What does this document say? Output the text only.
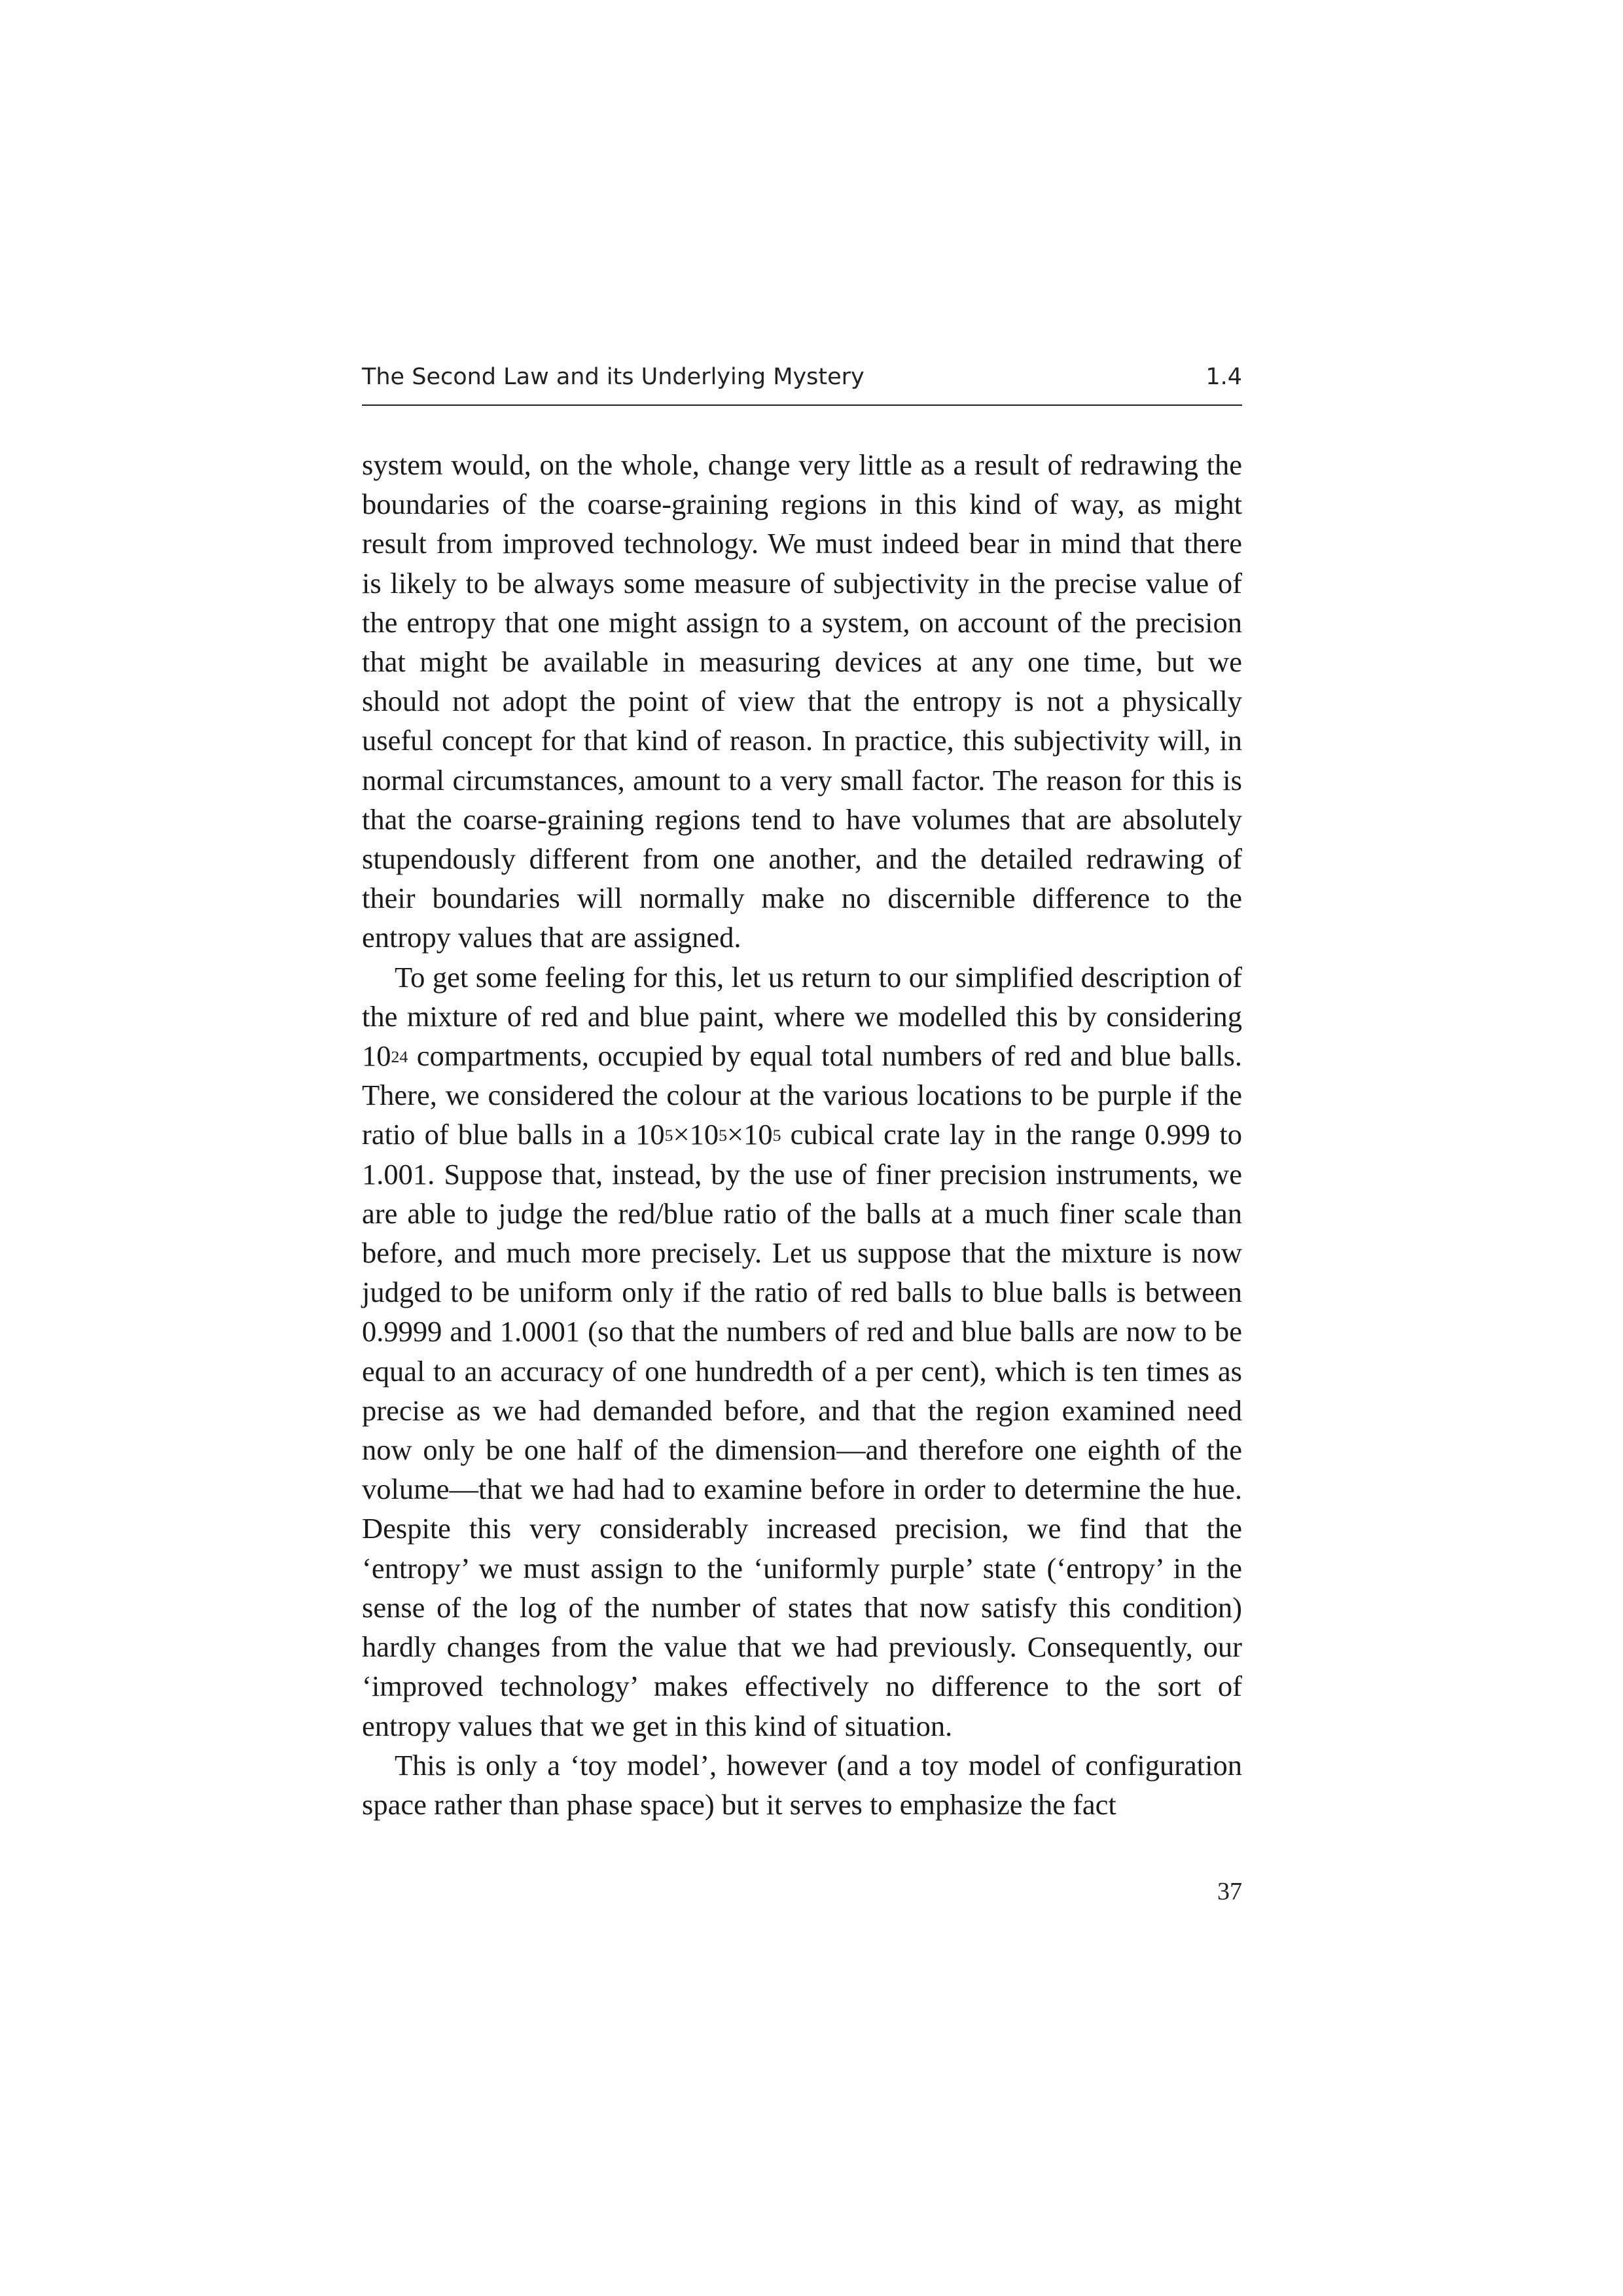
The Second Law and its Underlying Mystery	1.4

system would, on the whole, change very little as a result of redrawing the boundaries of the coarse-graining regions in this kind of way, as might result from improved technology. We must indeed bear in mind that there is likely to be always some measure of subjectivity in the precise value of the entropy that one might assign to a system, on account of the precision that might be available in measuring devices at any one time, but we should not adopt the point of view that the entropy is not a physically useful concept for that kind of reason. In practice, this subjectivity will, in normal circumstances, amount to a very small factor. The reason for this is that the coarse-graining regions tend to have volumes that are absolutely stupendously different from one another, and the detailed redrawing of their boundaries will normally make no discernible difference to the entropy values that are assigned.

To get some feeling for this, let us return to our simplified description of the mixture of red and blue paint, where we modelled this by considering $10^{24}$ compartments, occupied by equal total numbers of red and blue balls. There, we considered the colour at the various locations to be purple if the ratio of blue balls in a $10^5\times 10^5\times 10^5$ cubical crate lay in the range 0.999 to 1.001. Suppose that, instead, by the use of finer precision instruments, we are able to judge the red/blue ratio of the balls at a much finer scale than before, and much more precisely. Let us suppose that the mixture is now judged to be uniform only if the ratio of red balls to blue balls is between 0.9999 and 1.0001 (so that the numbers of red and blue balls are now to be equal to an accuracy of one hundredth of a per cent), which is ten times as precise as we had demanded before, and that the region examined need now only be one half of the dimension—and therefore one eighth of the volume—that we had had to examine before in order to determine the hue. Despite this very considerably increased precision, we find that the ‘entropy’ we must assign to the ‘uniformly purple’ state (‘entropy’ in the sense of the log of the number of states that now satisfy this condition) hardly changes from the value that we had previously. Consequently, our ‘improved technology’ makes effectively no difference to the sort of entropy values that we get in this kind of situation.

This is only a ‘toy model’, however (and a toy model of configuration space rather than phase space) but it serves to emphasize the fact

37
